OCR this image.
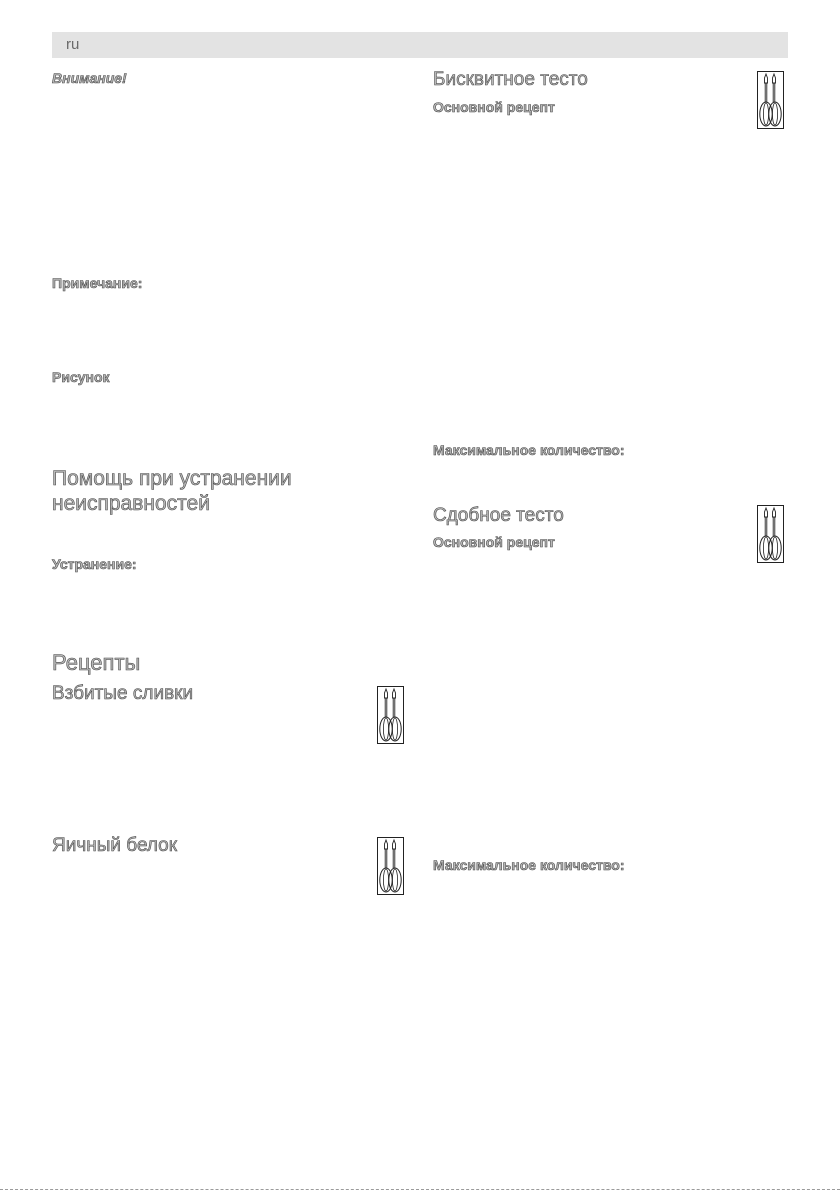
ru
Внимание!
Примечание:
Рисунок
Помощь при устранении
неисправностей
Устранение:
Рецепты
Взбитые сливки
Яичный белок
Бисквитное тесто
Основной рецепт
Максимальное количество:
Сдобное тесто
Основной рецепт
Максимальное количество:
